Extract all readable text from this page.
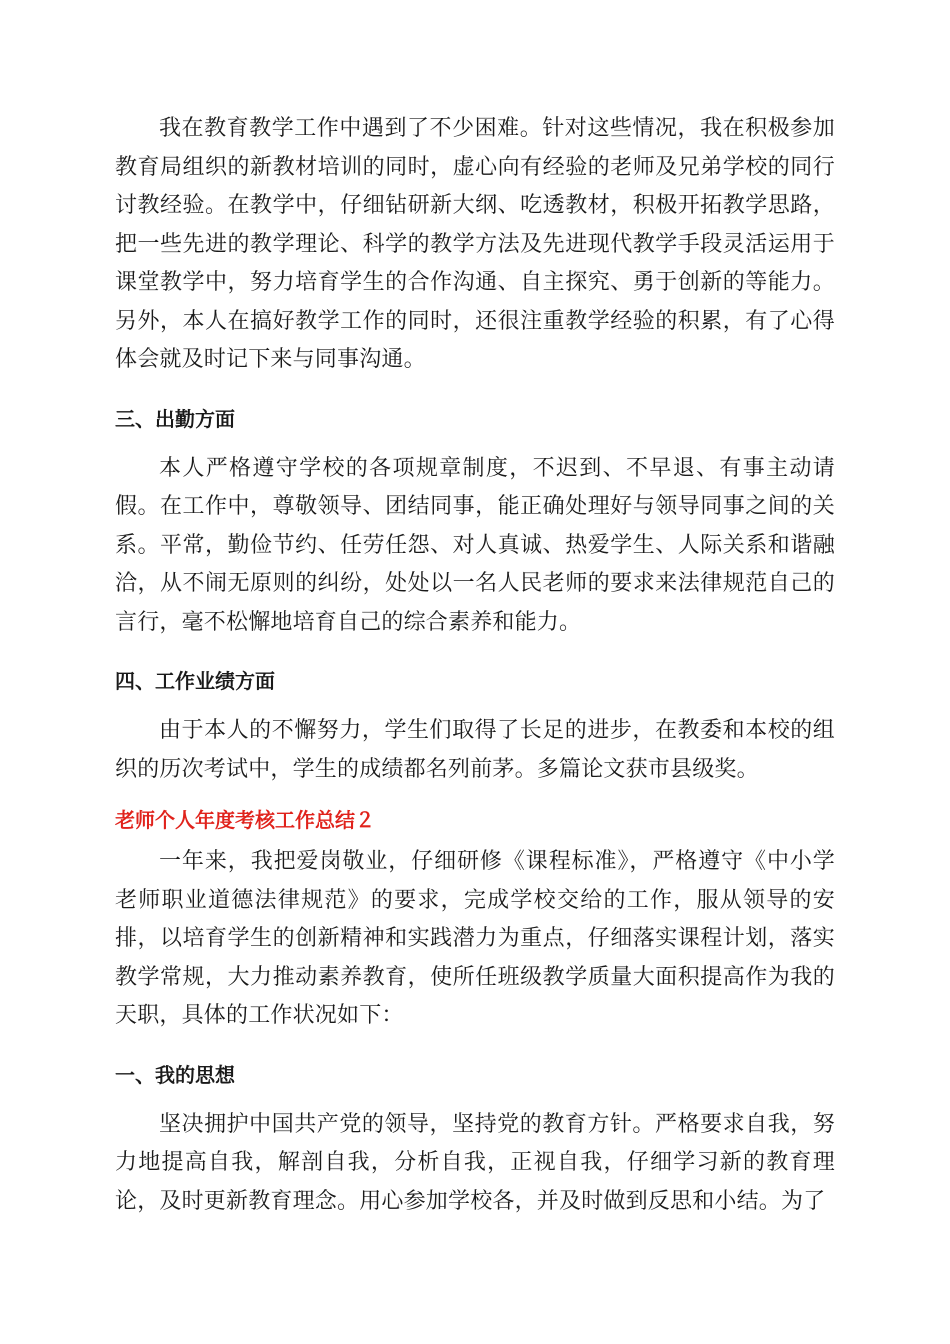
我在教育教学工作中遇到了不少困难。针对这些情况，我在积极参加教育局组织的新教材培训的同时，虚心向有经验的老师及兄弟学校的同行讨教经验。在教学中，仔细钻研新大纲、吃透教材，积极开拓教学思路，把一些先进的教学理论、科学的教学方法及先进现代教学手段灵活运用于课堂教学中，努力培育学生的合作沟通、自主探究、勇于创新的等能力。另外，本人在搞好教学工作的同时，还很注重教学经验的积累，有了心得体会就及时记下来与同事沟通。

三、出勤方面

本人严格遵守学校的各项规章制度，不迟到、不早退、有事主动请假。在工作中，尊敬领导、团结同事，能正确处理好与领导同事之间的关系。平常，勤俭节约、任劳任怨、对人真诚、热爱学生、人际关系和谐融洽，从不闹无原则的纠纷，处处以一名人民老师的要求来法律规范自己的言行，毫不松懈地培育自己的综合素养和能力。

四、工作业绩方面

由于本人的不懈努力，学生们取得了长足的进步，在教委和本校的组织的历次考试中，学生的成绩都名列前茅。多篇论文获市县级奖。

老师个人年度考核工作总结２

一年来，我把爱岗敬业，仔细研修《课程标准》，严格遵守《中小学老师职业道德法律规范》的要求，完成学校交给的工作，服从领导的安排，以培育学生的创新精神和实践潜力为重点，仔细落实课程计划，落实教学常规，大力推动素养教育，使所任班级教学质量大面积提高作为我的天职，具体的工作状况如下：

一、我的思想

坚决拥护中国共产党的领导，坚持党的教育方针。严格要求自我，努力地提高自我，解剖自我，分析自我，正视自我，仔细学习新的教育理论，及时更新教育理念。用心参加学校各，并及时做到反思和小结。为了
